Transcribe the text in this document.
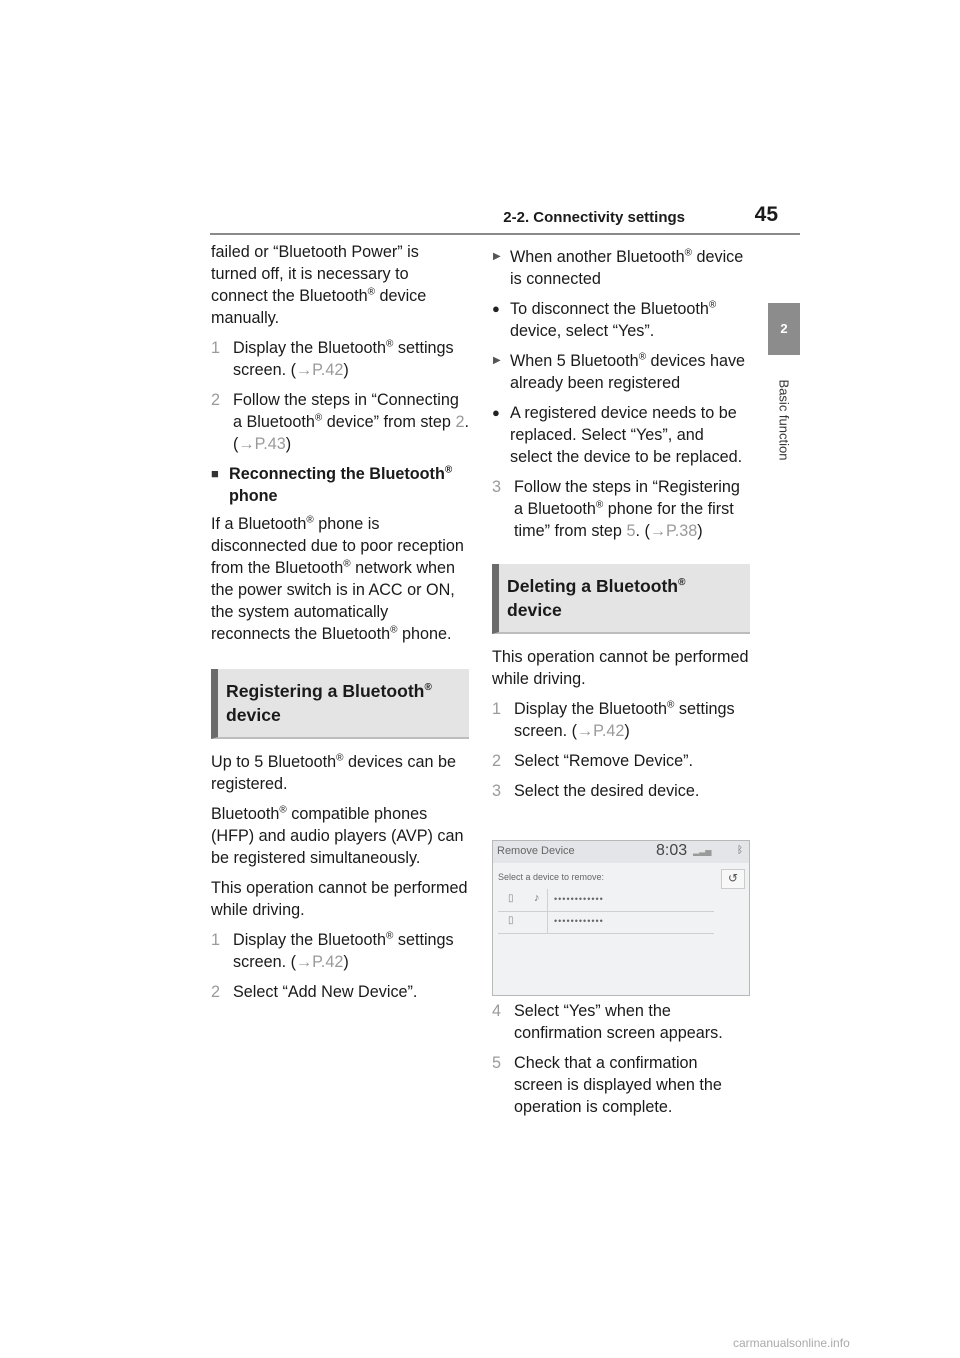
2-2. Connectivity settings	45
2
Basic function

failed or “Bluetooth Power” is turned off, it is necessary to connect the Bluetooth® device manually.

1 Display the Bluetooth® settings screen. (→P.42)
2 Follow the steps in “Connecting a Bluetooth® device” from step 2. (→P.43)
■ Reconnecting the Bluetooth® phone

If a Bluetooth® phone is disconnected due to poor reception from the Bluetooth® network when the power switch is in ACC or ON, the system automatically reconnects the Bluetooth® phone.

Registering a Bluetooth® device

Up to 5 Bluetooth® devices can be registered.

Bluetooth® compatible phones (HFP) and audio players (AVP) can be registered simultaneously.

This operation cannot be performed while driving.

1 Display the Bluetooth® settings screen. (→P.42)
2 Select “Add New Device”.
▶ When another Bluetooth® device is connected
● To disconnect the Bluetooth® device, select “Yes”.
▶ When 5 Bluetooth® devices have already been registered
● A registered device needs to be replaced. Select “Yes”, and select the device to be replaced.
3 Follow the steps in “Registering a Bluetooth® phone for the first time” from step 5. (→P.38)
Deleting a Bluetooth® device

This operation cannot be performed while driving.

1 Display the Bluetooth® settings screen. (→P.42)
2 Select “Remove Device”.
3 Select the desired device.
Remove Device	8:03 ▂▃▅	ᛒ
Select a device to remove:	↺
▯ ♪ ••••••••••••
▯	••••••••••••
4 Select “Yes” when the confirmation screen appears.
5 Check that a confirmation screen is displayed when the operation is complete.
carmanualsonline.info
